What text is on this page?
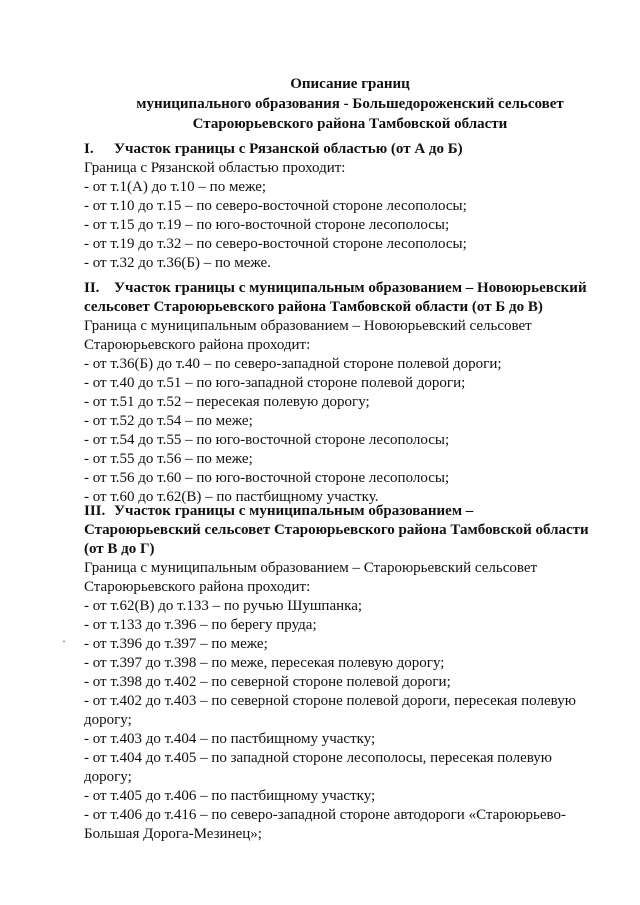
Описание границ
муниципального образования - Большедороженский сельсовет
Староюрьевского района Тамбовской области
I. Участок границы с Рязанской областью (от А до Б)
Граница с Рязанской областью проходит:
- от т.1(А) до т.10 – по меже;
- от т.10 до т.15 – по северо-восточной стороне лесополосы;
- от т.15 до т.19 – по юго-восточной стороне лесополосы;
- от т.19 до т.32 – по северо-восточной стороне лесополосы;
- от т.32 до т.36(Б) – по меже.
II. Участок границы с муниципальным образованием – Новоюрьевский
сельсовет Староюрьевского района Тамбовской области (от Б до В)
Граница с муниципальным образованием – Новоюрьевский сельсовет
Староюрьевского района проходит:
- от т.36(Б) до т.40 – по северо-западной стороне полевой дороги;
- от т.40 до т.51 – по юго-западной стороне полевой дороги;
- от т.51 до т.52 – пересекая полевую дорогу;
- от т.52 до т.54 – по меже;
- от т.54 до т.55 – по юго-восточной стороне лесополосы;
- от т.55 до т.56 – по меже;
- от т.56 до т.60 – по юго-восточной стороне лесополосы;
- от т.60 до т.62(В) – по пастбищному участку.
III. Участок границы с муниципальным образованием –
Староюрьевский сельсовет Староюрьевского района Тамбовской области
(от В до Г)
Граница с муниципальным образованием – Староюрьевский сельсовет
Староюрьевского района проходит:
- от т.62(В) до т.133 – по ручью Шушпанка;
- от т.133 до т.396 – по берегу пруда;
- от т.396 до т.397 – по меже;
- от т.397 до т.398 – по меже, пересекая полевую дорогу;
- от т.398 до т.402 – по северной стороне полевой дороги;
- от т.402 до т.403 – по северной стороне полевой дороги, пересекая полевую
дорогу;
- от т.403 до т.404 – по пастбищному участку;
- от т.404 до т.405 – по западной стороне лесополосы, пересекая полевую
дорогу;
- от т.405 до т.406 – по пастбищному участку;
- от т.406 до т.416 – по северо-западной стороне автодороги «Староюрьево-
Большая Дорога-Мезинец»;
·
